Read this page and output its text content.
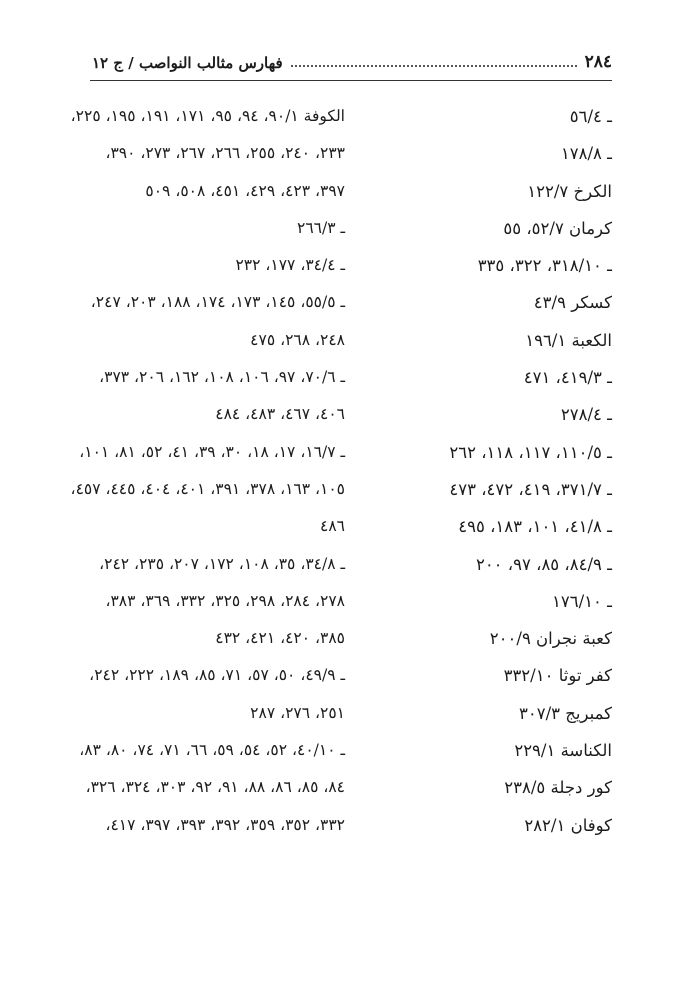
٢٨٤
فهارس مثالب النواصب / ج ١٢
ـ ٥٦/٤
ـ ١٧٨/٨
الكرخ ١٢٢/٧
كرمان ٥٢/٧، ٥٥
ـ ٣١٨/١٠، ٣٢٢، ٣٣٥
كسكر ٤٣/٩
الكعبة ١٩٦/١
ـ ٤١٩/٣، ٤٧١
ـ ٢٧٨/٤
ـ ١١٠/٥، ١١٧، ١١٨، ٢٦٢
ـ ٣٧١/٧، ٤١٩، ٤٧٢، ٤٧٣
ـ ٤١/٨، ١٠١، ١٨٣، ٤٩٥
ـ ٨٤/٩، ٨٥، ٩٧، ٢٠٠
ـ ١٧٦/١٠
كعبة نجران ٢٠٠/٩
كفر توثا ٣٣٢/١٠
كمبريج ٣٠٧/٣
الكناسة ٢٢٩/١
كور دجلة ٢٣٨/٥
كوفان ٢٨٢/١
الكوفة ٩٠/١، ٩٤، ٩٥، ١٧١، ١٩١، ١٩٥، ٢٢٥،
٢٣٣، ٢٤٠، ٢٥٥، ٢٦٦، ٢٦٧، ٢٧٣، ٣٩٠،
٣٩٧، ٤٢٣، ٤٢٩، ٤٥١، ٥٠٨، ٥٠٩
ـ ٢٦٦/٣
ـ ٣٤/٤، ١٧٧، ٢٣٢
ـ ٥٥/٥، ١٤٥، ١٧٣، ١٧٤، ١٨٨، ٢٠٣، ٢٤٧،
٢٤٨، ٢٦٨، ٤٧٥
ـ ٧٠/٦، ٩٧، ١٠٦، ١٠٨، ١٦٢، ٢٠٦، ٣٧٣،
٤٠٦، ٤٦٧، ٤٨٣، ٤٨٤
ـ ١٦/٧، ١٧، ١٨، ٣٠، ٣٩، ٤١، ٥٢، ٨١، ١٠١،
١٠٥، ١٦٣، ٣٧٨، ٣٩١، ٤٠١، ٤٠٤، ٤٤٥، ٤٥٧،
٤٨٦
ـ ٣٤/٨، ٣٥، ١٠٨، ١٧٢، ٢٠٧، ٢٣٥، ٢٤٢،
٢٧٨، ٢٨٤، ٢٩٨، ٣٢٥، ٣٣٢، ٣٦٩، ٣٨٣،
٣٨٥، ٤٢٠، ٤٢١، ٤٣٢
ـ ٤٩/٩، ٥٠، ٥٧، ٧١، ٨٥، ١٨٩، ٢٢٢، ٢٤٢،
٢٥١، ٢٧٦، ٢٨٧
ـ ٤٠/١٠، ٥٢، ٥٤، ٥٩، ٦٦، ٧١، ٧٤، ٨٠، ٨٣،
٨٤، ٨٥، ٨٦، ٨٨، ٩١، ٩٢، ٣٠٣، ٣٢٤، ٣٢٦،
٣٣٢، ٣٥٢، ٣٥٩، ٣٩٢، ٣٩٣، ٣٩٧، ٤١٧،
